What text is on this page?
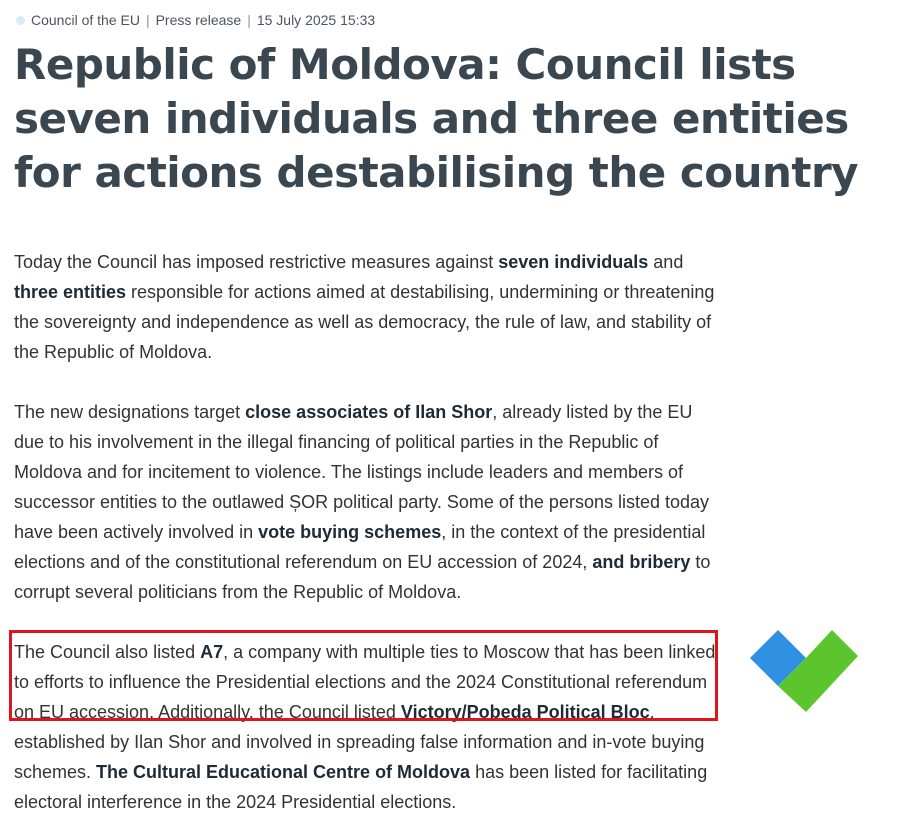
Council of the EU | Press release | 15 July 2025 15:33
Republic of Moldova: Council lists seven individuals and three entities for actions destabilising the country

Today the Council has imposed restrictive measures against seven individuals and three entities responsible for actions aimed at destabilising, undermining or threatening the sovereignty and independence as well as democracy, the rule of law, and stability of the Republic of Moldova.

The new designations target close associates of Ilan Shor, already listed by the EU due to his involvement in the illegal financing of political parties in the Republic of Moldova and for incitement to violence. The listings include leaders and members of successor entities to the outlawed ȘOR political party. Some of the persons listed today have been actively involved in vote buying schemes, in the context of the presidential elections and of the constitutional referendum on EU accession of 2024, and bribery to corrupt several politicians from the Republic of Moldova.

The Council also listed A7, a company with multiple ties to Moscow that has been linked to efforts to influence the Presidential elections and the 2024 Constitutional referendum on EU accession. Additionally, the Council listed Victory/Pobeda Political Bloc, established by Ilan Shor and involved in spreading false information and in-vote buying schemes. The Cultural Educational Centre of Moldova has been listed for facilitating electoral interference in the 2024 Presidential elections.
